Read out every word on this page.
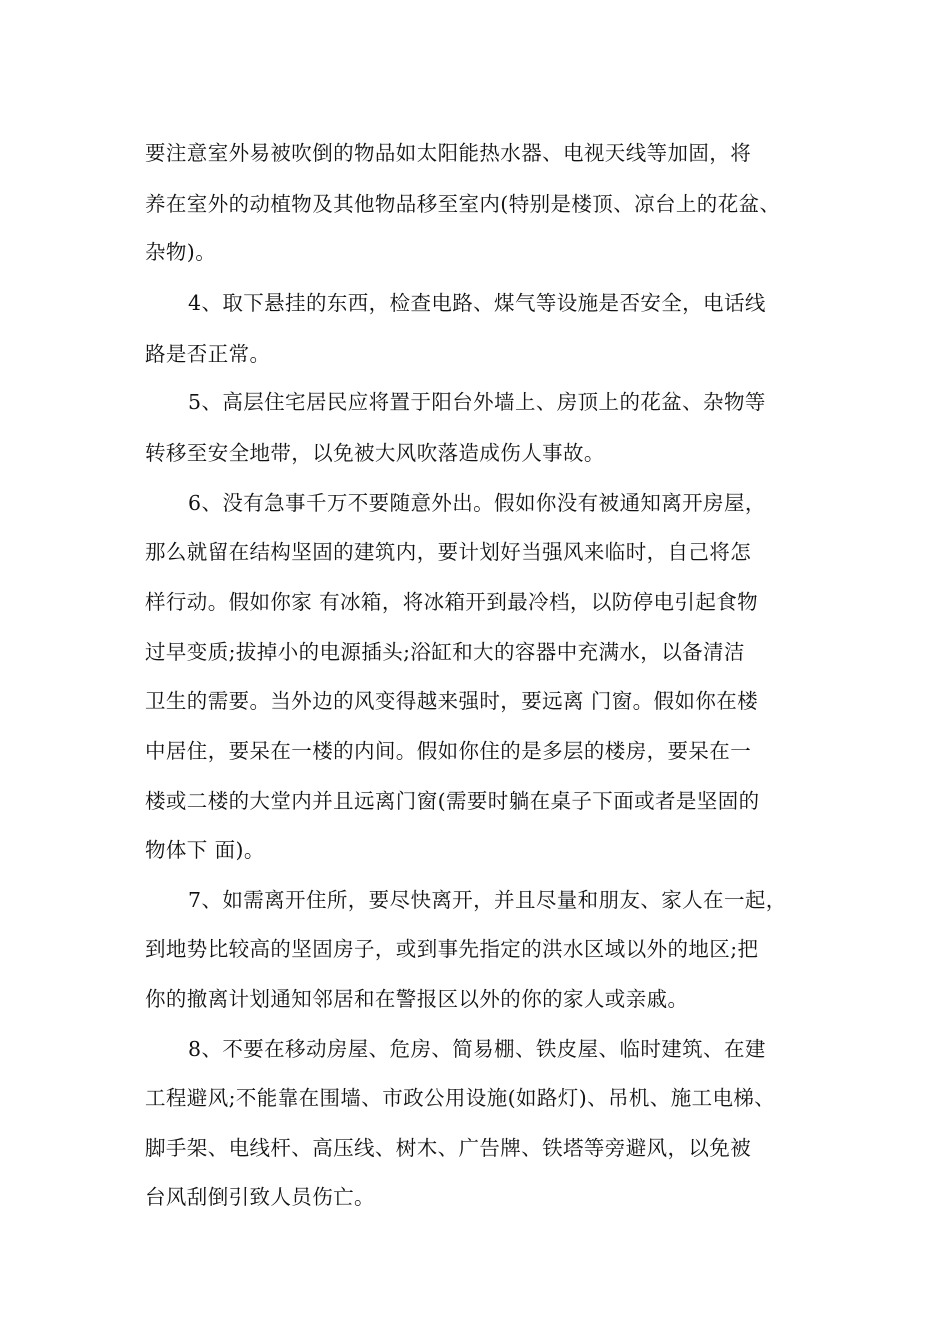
要注意室外易被吹倒的物品如太阳能热水器、电视天线等加固，将
养在室外的动植物及其他物品移至室内(特别是楼顶、凉台上的花盆、
杂物)。
4、取下悬挂的东西，检查电路、煤气等设施是否安全，电话线
路是否正常。
5、高层住宅居民应将置于阳台外墙上、房顶上的花盆、杂物等
转移至安全地带，以免被大风吹落造成伤人事故。
6、没有急事千万不要随意外出。假如你没有被通知离开房屋，
那么就留在结构坚固的建筑内，要计划好当强风来临时，自己将怎
样行动。假如你家 有冰箱，将冰箱开到最冷档，以防停电引起食物
过早变质;拔掉小的电源插头;浴缸和大的容器中充满水，以备清洁
卫生的需要。当外边的风变得越来强时，要远离 门窗。假如你在楼
中居住，要呆在一楼的内间。假如你住的是多层的楼房，要呆在一
楼或二楼的大堂内并且远离门窗(需要时躺在桌子下面或者是坚固的
物体下 面)。
7、如需离开住所，要尽快离开，并且尽量和朋友、家人在一起，
到地势比较高的坚固房子，或到事先指定的洪水区域以外的地区;把
你的撤离计划通知邻居和在警报区以外的你的家人或亲戚。
8、不要在移动房屋、危房、简易棚、铁皮屋、临时建筑、在建
工程避风;不能靠在围墙、市政公用设施(如路灯)、吊机、施工电梯、
脚手架、电线杆、高压线、树木、广告牌、铁塔等旁避风，以免被
台风刮倒引致人员伤亡。
